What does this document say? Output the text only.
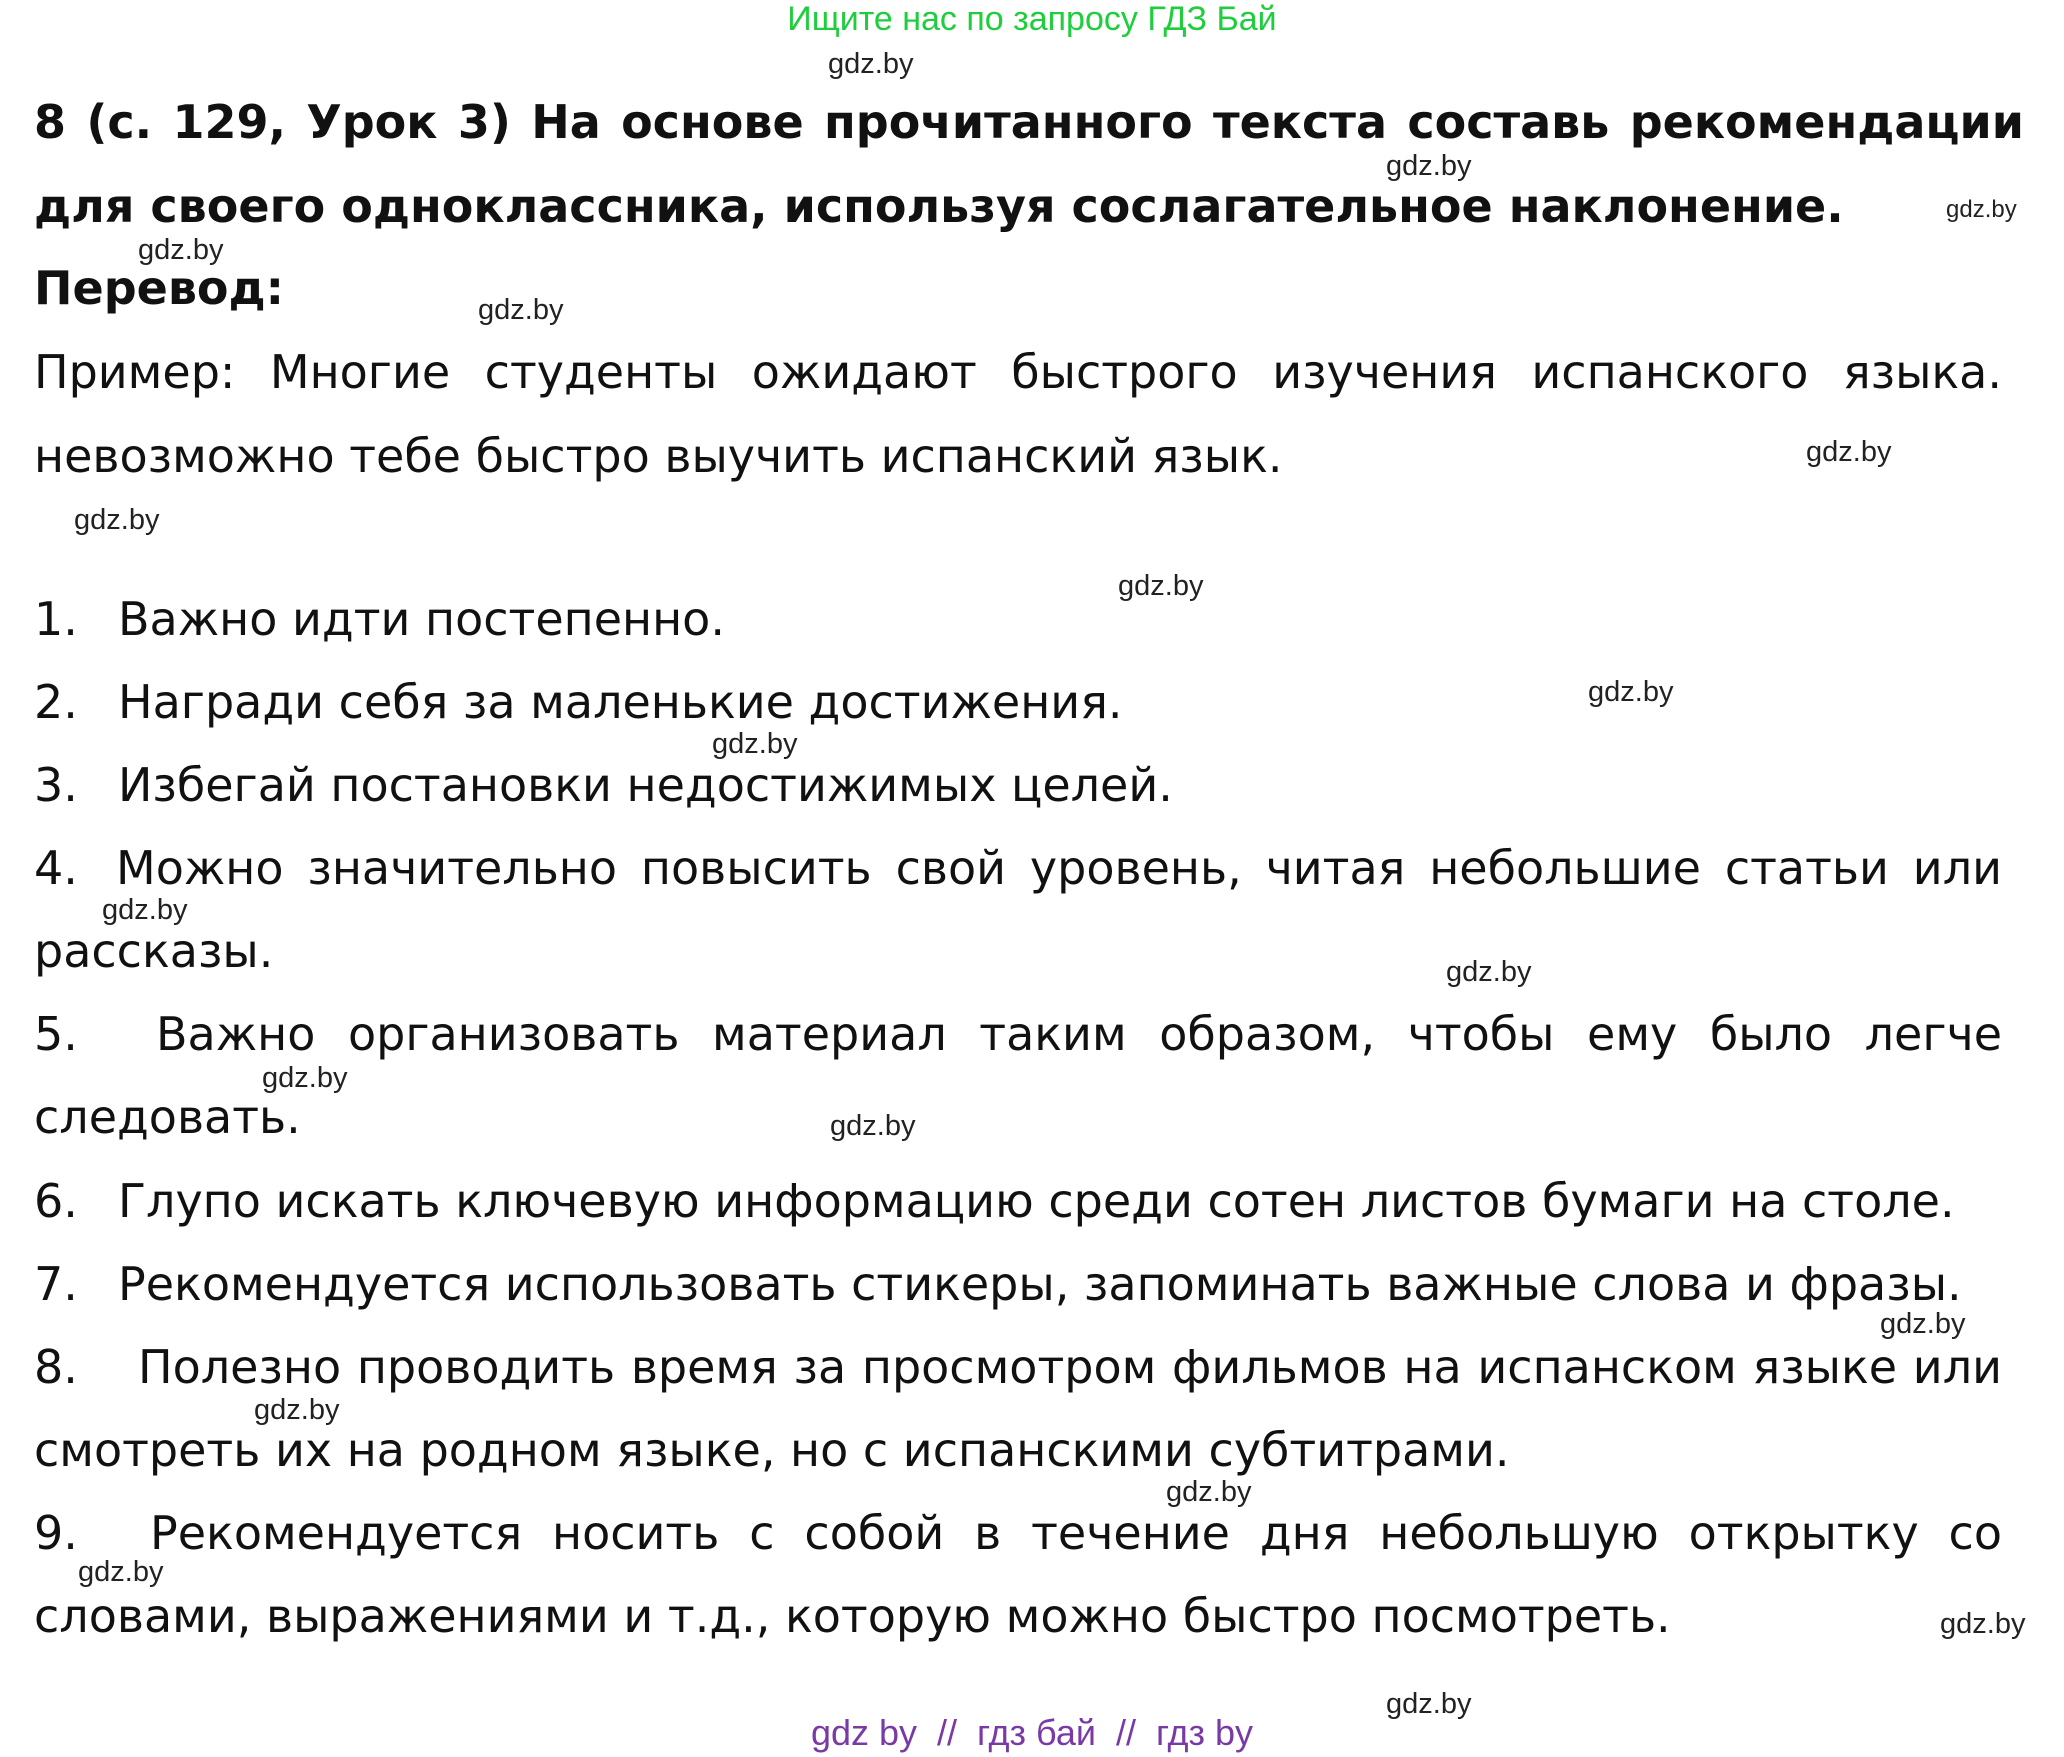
Ищите нас по запросу ГДЗ Бай

8 (с. 129, Урок 3) На основе прочитанного текста составь рекомендации для своего одноклассника, используя сослагательное наклонение.

Перевод:

Пример: Многие студенты ожидают быстрого изучения испанского языка. невозможно тебе быстро выучить испанский язык.

1. Важно идти постепенно.
2. Награди себя за маленькие достижения.
3. Избегай постановки недостижимых целей.
4. Можно значительно повысить свой уровень, читая небольшие статьи или рассказы.
5. Важно организовать материал таким образом, чтобы ему было легче следовать.
6. Глупо искать ключевую информацию среди сотен листов бумаги на столе.
7. Рекомендуется использовать стикеры, запоминать важные слова и фразы.
8. Полезно проводить время за просмотром фильмов на испанском языке или смотреть их на родном языке, но с испанскими субтитрами.
9. Рекомендуется носить с собой в течение дня небольшую открытку со словами, выражениями и т.д., которую можно быстро посмотреть.
gdz.by
gdz.by
gdz.by
gdz.by
gdz.by
gdz.by
gdz.by
gdz.by
gdz.by
gdz.by
gdz.by
gdz.by
gdz.by
gdz.by
gdz.by
gdz.by
gdz.by
gdz.by
gdz.by
gdz.by
gdz by  //  гдз бай  //  гдз by
